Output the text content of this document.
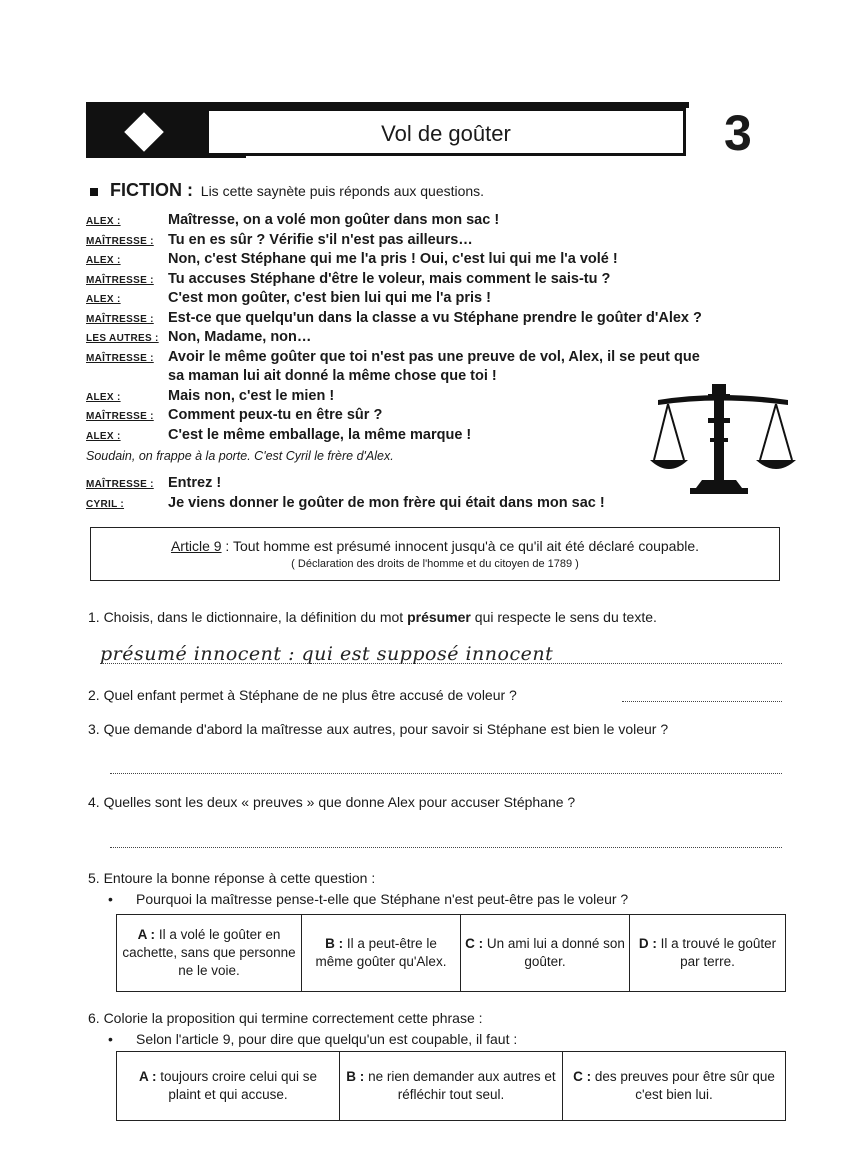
Vol de goûter	3
FICTION : Lis cette saynète puis réponds aux questions.
ALEX :	Maîtresse, on a volé mon goûter dans mon sac !
MAÎTRESSE : Tu en es sûr ? Vérifie s'il n'est pas ailleurs…
ALEX :	Non, c'est Stéphane qui me l'a pris ! Oui, c'est lui qui me l'a volé !
MAÎTRESSE : Tu accuses Stéphane d'être le voleur, mais comment le sais-tu ?
ALEX :	C'est mon goûter, c'est bien lui qui me l'a pris !
MAÎTRESSE : Est-ce que quelqu'un dans la classe a vu Stéphane prendre le goûter d'Alex ?
LES AUTRES : Non, Madame, non…
MAÎTRESSE : Avoir le même goûter que toi n'est pas une preuve de vol, Alex, il se peut que
sa maman lui ait donné la même chose que toi !
ALEX :	Mais non, c'est le mien !
MAÎTRESSE : Comment peux-tu en être sûr ?
ALEX :	C'est le même emballage, la même marque !
Soudain, on frappe à la porte. C'est Cyril le frère d'Alex.
MAÎTRESSE : Entrez !
CYRIL :	Je viens donner le goûter de mon frère qui était dans mon sac !
Article 9 : Tout homme est présumé innocent jusqu'à ce qu'il ait été déclaré coupable.
( Déclaration des droits de l'homme et du citoyen de 1789 )
1. Choisis, dans le dictionnaire, la définition du mot présumer qui respecte le sens du texte.
présumé innocent : qui est supposé innocent
2. Quel enfant permet à Stéphane de ne plus être accusé de voleur ?
3. Que demande d'abord la maîtresse aux autres, pour savoir si Stéphane est bien le voleur ?
4. Quelles sont les deux « preuves » que donne Alex pour accuser Stéphane ?
5. Entoure la bonne réponse à cette question :
• Pourquoi la maîtresse pense-t-elle que Stéphane n'est peut-être pas le voleur ?
A : Il a volé le goûter en cachette, sans que personne ne le voie.	B : Il a peut-être le même goûter qu'Alex.	C : Un ami lui a donné son goûter.	D : Il a trouvé le goûter par terre.
6. Colorie la proposition qui termine correctement cette phrase :
• Selon l'article 9, pour dire que quelqu'un est coupable, il faut :
A : toujours croire celui qui se plaint et qui accuse.	B : ne rien demander aux autres et réfléchir tout seul.	C : des preuves pour être sûr que c'est bien lui.
